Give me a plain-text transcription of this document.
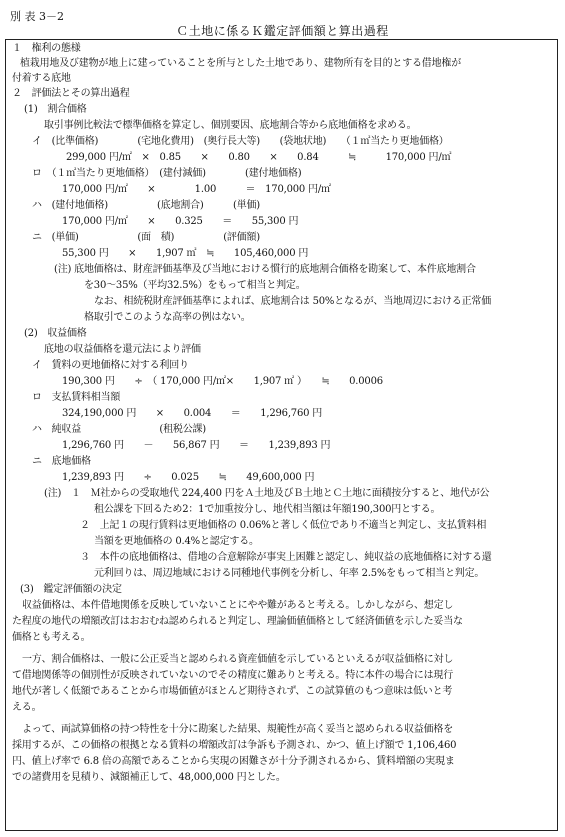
別 表 3－2
Ｃ土地に係るＫ鑑定評価額と算出過程
１　権利の態様
植栽用地及び建物が地上に建っていることを所与とした土地であり、建物所有を目的とする借地権が
付着する底地
２　評価法とその算出過程
(1)　割合価格
取引事例比較法で標準価格を算定し、個別要因、底地割合等から底地価格を求める。
イ　(比準価格)　　　　(宅地化費用)　(奥行長大等)　　(袋地状地)　　（１㎡当たり更地価格）
299,000 円/㎡　×　0.85　　×　　0.80　　×　　0.84　　　≒　　　170,000 円/㎡
ロ　（１㎡当たり更地価格）　(建付減価)　　　　(建付地価格)
170,000 円/㎡　　×　　　　1.00　　　＝　170,000 円/㎡
ハ　(建付地価格)　　　　　(底地割合)　　　(単価)
170,000 円/㎡　　×　　0.325　　＝　　55,300 円
ニ　(単価)　　　　　　(面　積)　　　　　(評価額)
55,300 円　　×　　1,907 ㎡　≒　　105,460,000 円
(注) 底地価格は、財産評価基準及び当地における慣行的底地割合価格を勘案して、本件底地割合
を30～35%（平均32.5%）をもって相当と判定。
なお、相続税財産評価基準によれば、底地割合は 50%となるが、当地周辺における正常価
格取引でこのような高率の例はない。
(2)　収益価格
底地の収益価格を還元法により評価
イ　賃料の更地価格に対する利回り
190,300 円　　÷　（ 170,000 円/㎡×　　1,907 ㎡ ）　　≒　　0.0006
ロ　支払賃料相当額
324,190,000 円　　×　　0.004　　＝　　1,296,760 円
ハ　純収益　　　　　　　　(租税公課)
1,296,760 円　　－　　56,867 円　　＝　　1,239,893 円
ニ　底地価格
1,239,893 円　　÷　　0.025　　≒　　49,600,000 円
(注)　１　Ｍ社からの受取地代 224,400 円をＡ土地及びＢ土地とＣ土地に面積按分すると、地代が公
租公課を下回るため2：1で加重按分し、地代相当額は年額190,300円とする。
２　上記１の現行賃料は更地価格の 0.06%と著しく低位であり不適当と判定し、支払賃料相
当額を更地価格の 0.4%と認定する。
３　本件の底地価格は、借地の合意解除が事実上困難と認定し、純収益の底地価格に対する還
元利回りは、周辺地域における同種地代事例を分析し、年率 2.5%をもって相当と判定。
(3)　鑑定評価額の決定
収益価格は、本件借地関係を反映していないことにやや難があると考える。しかしながら、想定し
た程度の地代の増額改訂はおおむね認められると判定し、理論価値価格として経済価値を示した妥当な
価格とも考える。
一方、割合価格は、一般に公正妥当と認められる資産価値を示しているといえるが収益価格に対し
て借地関係等の個別性が反映されていないのでその精度に難ありと考える。特に本件の場合には現行
地代が著しく低額であることから市場価値がほとんど期待されず、この試算値のもつ意味は低いと考
える。
よって、両試算価格の持つ特性を十分に勘案した結果、規範性が高く妥当と認められる収益価格を
採用するが、この価格の根拠となる賃料の増額改訂は争訴も予測され、かつ、値上げ額で 1,106,460
円、値上げ率で 6.8 倍の高額であることから実現の困難さが十分予測されるから、賃料増額の実現ま
での諸費用を見積り、減額補正して、48,000,000 円とした。
